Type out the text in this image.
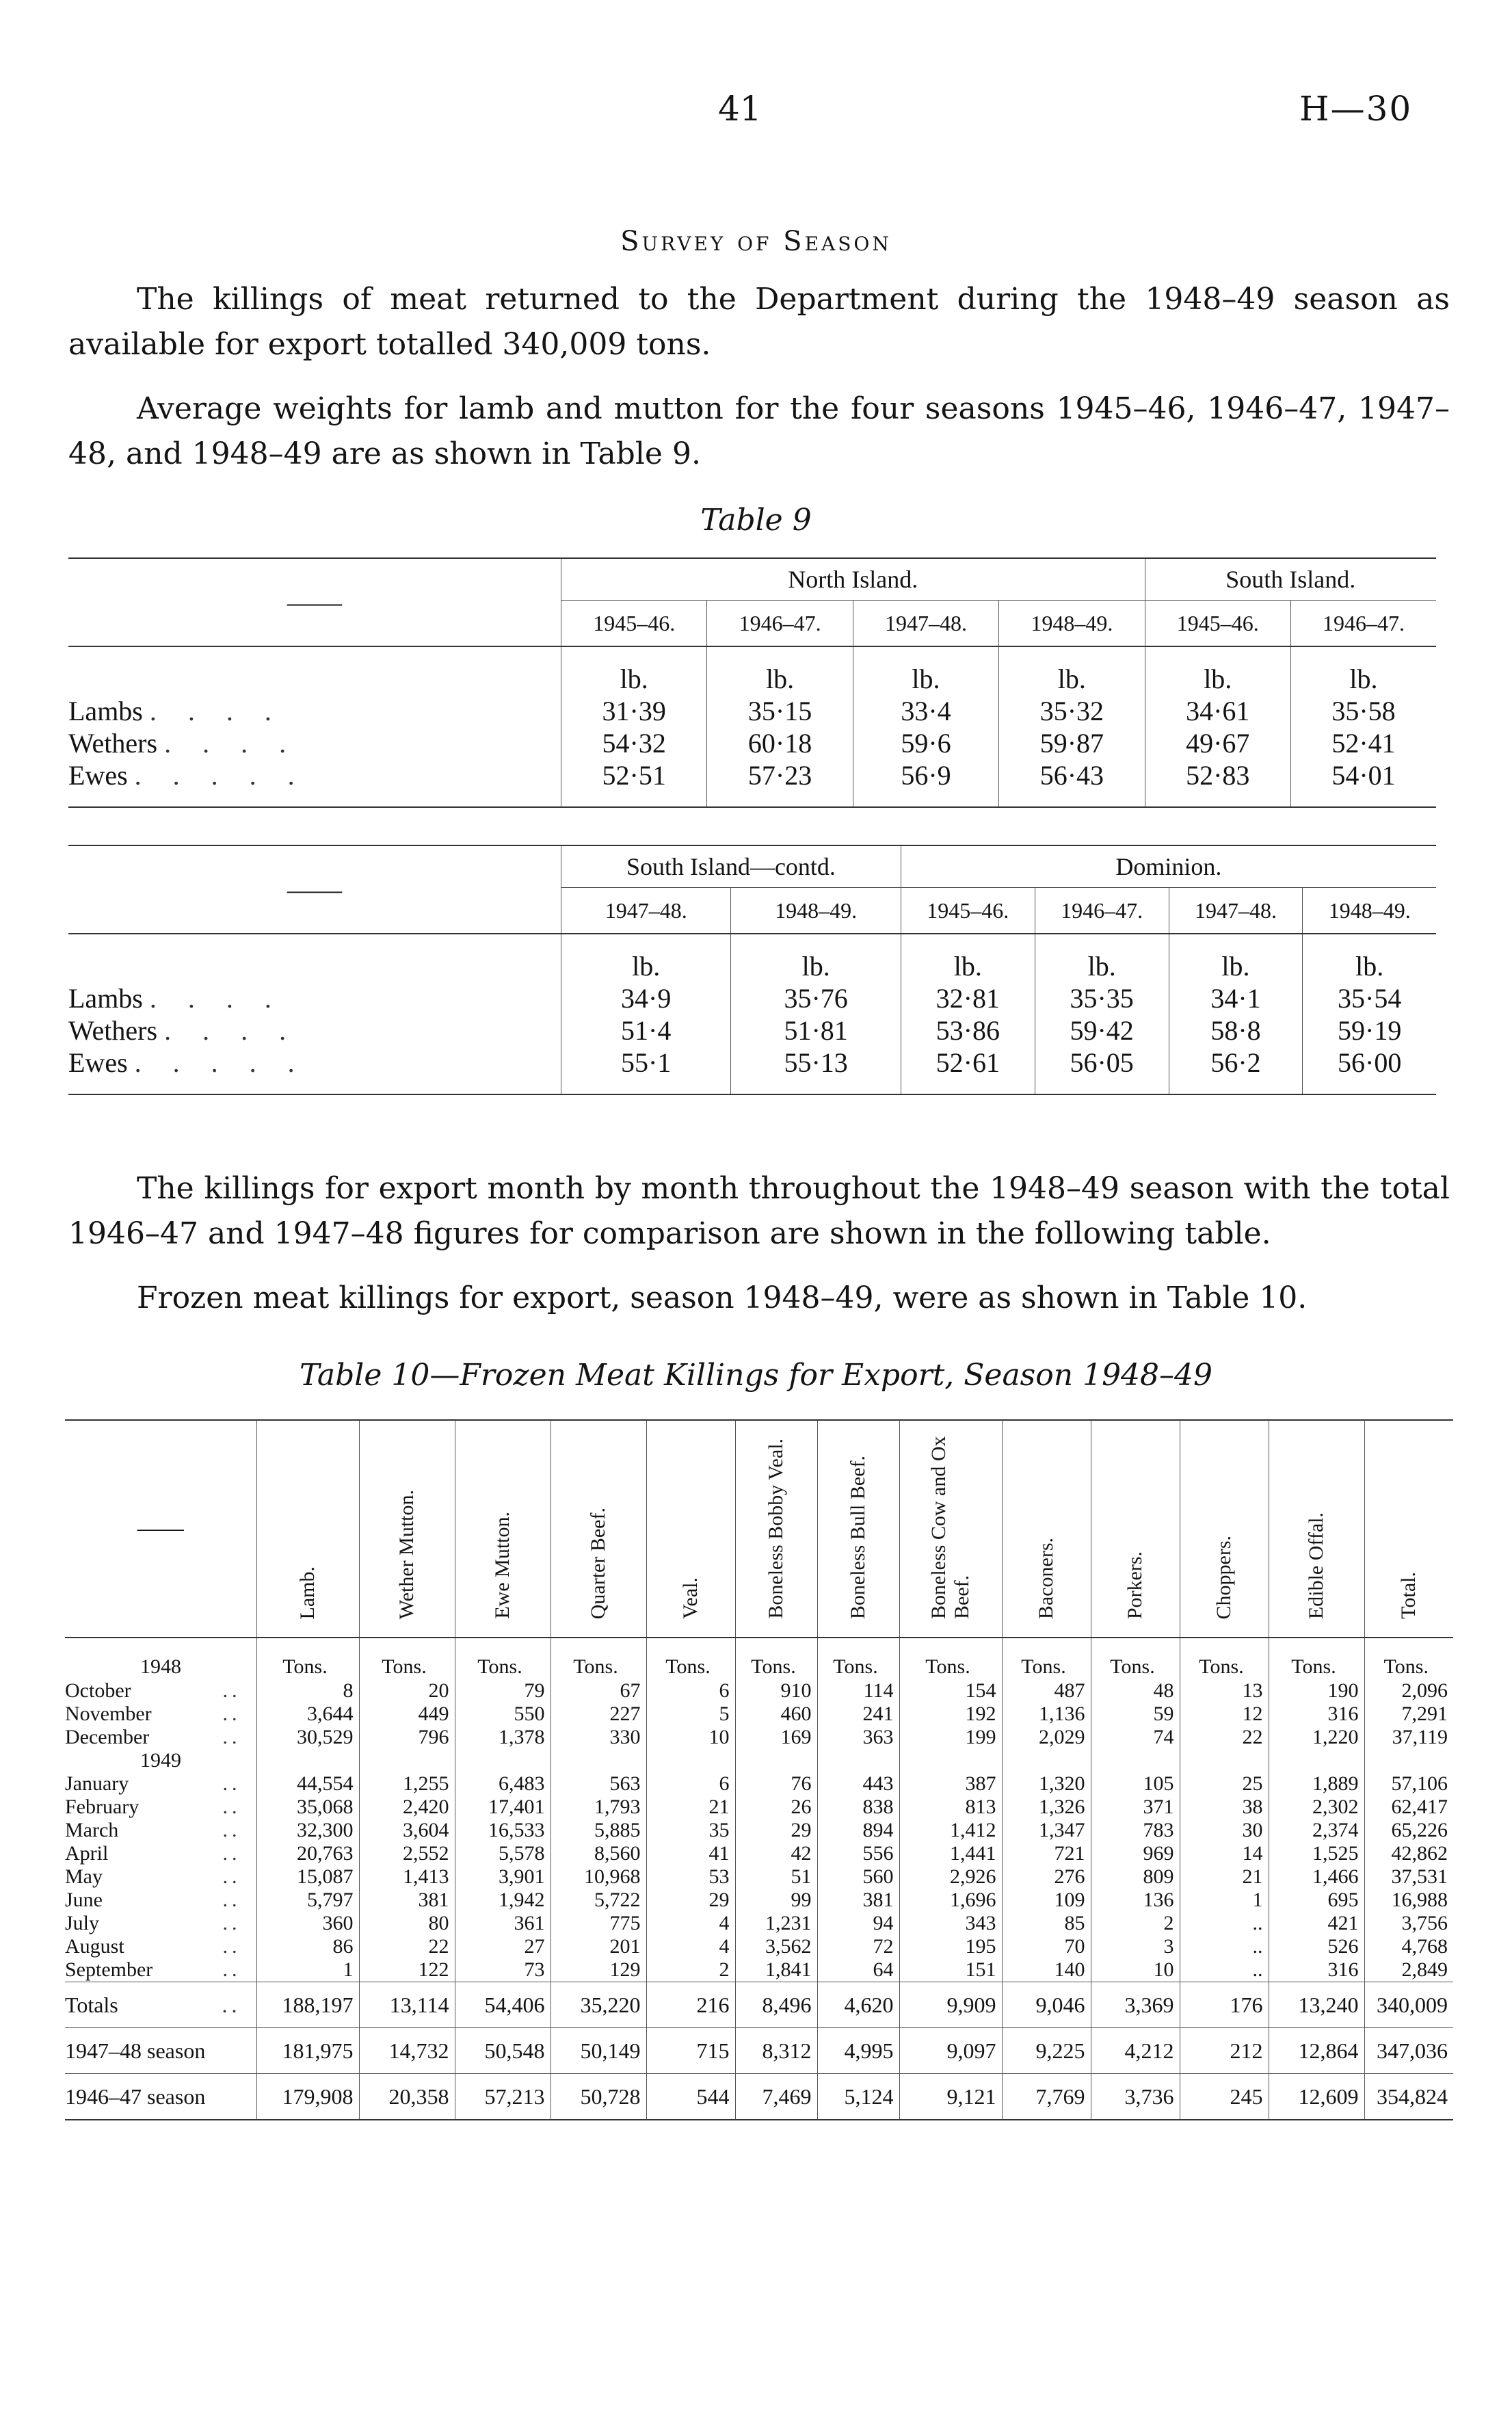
41	H—30
Survey of Season
The killings of meat returned to the Department during the 1948–49 season as available for export totalled 340,009 tons.
Average weights for lamb and mutton for the four seasons 1945–46, 1946–47, 1947–48, and 1948–49 are as shown in Table 9.
Table 9
——	North Island.				South Island.	
	1945–46.	1946–47.	1947–48.	1948–49.	1945–46.	1946–47.
	lb.	lb.	lb.	lb.	lb.	lb.
Lambs . . . .	31·39	35·15	33·4	35·32	34·61	35·58
Wethers . . . .	54·32	60·18	59·6	59·87	49·67	52·41
Ewes . . . . .	52·51	57·23	56·9	56·43	52·83	54·01

——	South Island—contd.		Dominion.			
	1947–48.	1948–49.	1945–46.	1946–47.	1947–48.	1948–49.
	lb.	lb.	lb.	lb.	lb.	lb.
Lambs . . . .	34·9	35·76	32·81	35·35	34·1	35·54
Wethers . . . .	51·4	51·81	53·86	59·42	58·8	59·19
Ewes . . . . .	55·1	55·13	52·61	56·05	56·2	56·00

The killings for export month by month throughout the 1948–49 season with the total 1946–47 and 1947–48 figures for comparison are shown in the following table.
Frozen meat killings for export, season 1948–49, were as shown in Table 10.
Table 10—Frozen Meat Killings for Export, Season 1948–49
——	Lamb.	Wether Mutton.	Ewe Mutton.	Quarter Beef.	Veal.	Boneless Bobby Veal.	Boneless Bull Beef.	Boneless Cow and Ox Beef.	Baconers.	Porkers.	Choppers.	Edible Offal.	Total.
1948	Tons.	Tons.	Tons.	Tons.	Tons.	Tons.	Tons.	Tons.	Tons.	Tons.	Tons.	Tons.	Tons.
October ..	8	20	79	67	6	910	114	154	487	48	13	190	2,096
November ..	3,644	449	550	227	5	460	241	192	1,136	59	12	316	7,291
December ..	30,529	796	1,378	330	10	169	363	199	2,029	74	22	1,220	37,119
1949													
January ..	44,554	1,255	6,483	563	6	76	443	387	1,320	105	25	1,889	57,106
February ..	35,068	2,420	17,401	1,793	21	26	838	813	1,326	371	38	2,302	62,417
March ..	32,300	3,604	16,533	5,885	35	29	894	1,412	1,347	783	30	2,374	65,226
April ..	20,763	2,552	5,578	8,560	41	42	556	1,441	721	969	14	1,525	42,862
May ..	15,087	1,413	3,901	10,968	53	51	560	2,926	276	809	21	1,466	37,531
June ..	5,797	381	1,942	5,722	29	99	381	1,696	109	136	1	695	16,988
July ..	360	80	361	775	4	1,231	94	343	85	2	..	421	3,756
August ..	86	22	27	201	4	3,562	72	195	70	3	..	526	4,768
September ..	1	122	73	129	2	1,841	64	151	140	10	..	316	2,849
Totals ..	188,197	13,114	54,406	35,220	216	8,496	4,620	9,909	9,046	3,369	176	13,240	340,009
1947–48 season	181,975	14,732	50,548	50,149	715	8,312	4,995	9,097	9,225	4,212	212	12,864	347,036
1946–47 season	179,908	20,358	57,213	50,728	544	7,469	5,124	9,121	7,769	3,736	245	12,609	354,824
